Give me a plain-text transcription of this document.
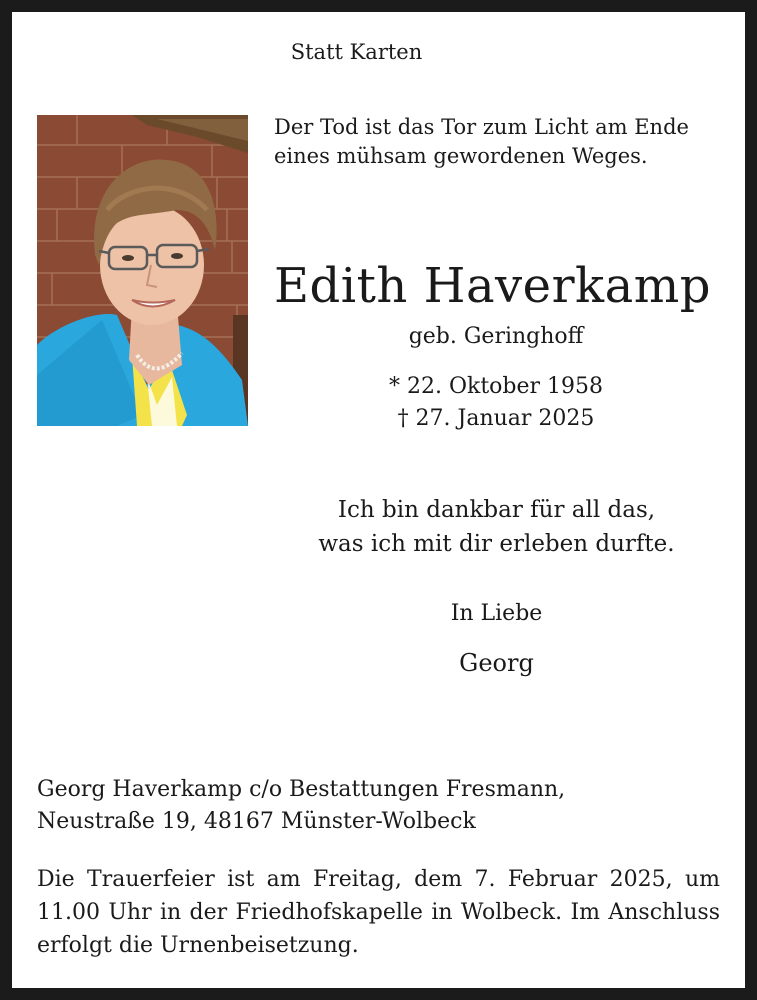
Statt Karten
Der Tod ist das Tor zum Licht am Ende
eines mühsam gewordenen Weges.
Edith Haverkamp
geb. Geringhoff
* 22. Oktober 1958
† 27. Januar 2025
Ich bin dankbar für all das,
was ich mit dir erleben durfte.
In Liebe
Georg
Georg Haverkamp c/o Bestattungen Fresmann,
Neustraße 19, 48167 Münster-Wolbeck
Die Trauerfeier ist am Freitag, dem 7. Februar 2025, um
11.00 Uhr in der Friedhofskapelle in Wolbeck. Im Anschluss
erfolgt die Urnenbeisetzung.
